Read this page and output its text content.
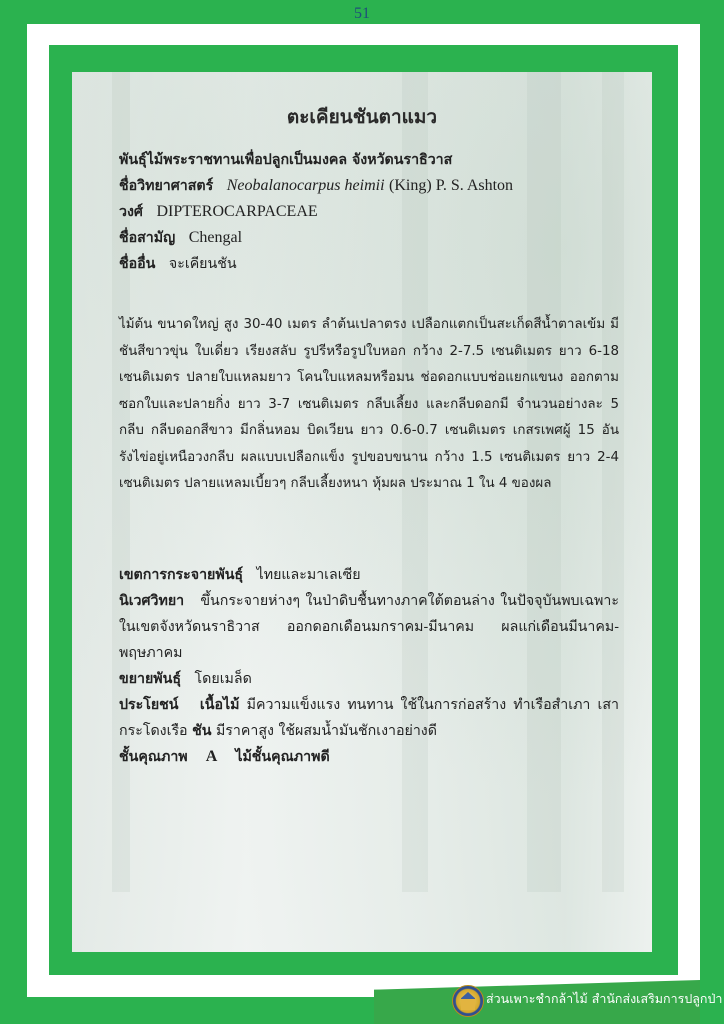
51
ตะเคียนชันตาแมว
พันธุ์ไม้พระราชทานเพื่อปลูกเป็นมงคล จังหวัดนราธิวาส
ชื่อวิทยาศาสตร์ Neobalanocarpus heimii (King) P. S. Ashton
วงศ์ DIPTEROCARPACEAE
ชื่อสามัญ Chengal
ชื่ออื่น จะเคียนชัน

ไม้ต้น ขนาดใหญ่ สูง 30-40 เมตร ลำต้นเปลาตรง เปลือกแตกเป็นสะเก็ดสีน้ำตาลเข้ม มีชันสีขาวขุ่น ใบเดี่ยว เรียงสลับ รูปรีหรือรูปใบหอก กว้าง 2-7.5 เซนติเมตร ยาว 6-18 เซนติเมตร ปลายใบแหลมยาว โคนใบแหลมหรือมน ช่อดอกแบบช่อแยกแขนง ออกตามซอกใบและปลายกิ่ง ยาว 3-7 เซนติเมตร กลีบเลี้ยง และกลีบดอกมี จำนวนอย่างละ 5 กลีบ กลีบดอกสีขาว มีกลิ่นหอม บิดเวียน ยาว 0.6-0.7 เซนติเมตร เกสรเพศผู้ 15 อัน รังไข่อยู่เหนือวงกลีบ ผลแบบเปลือกแข็ง รูปขอบขนาน กว้าง 1.5 เซนติเมตร ยาว 2-4 เซนติเมตร ปลายแหลมเบี้ยวๆ กลีบเลี้ยงหนา หุ้มผล ประมาณ 1 ใน 4 ของผล

เขตการกระจายพันธุ์ ไทยและมาเลเซีย

นิเวศวิทยา ขึ้นกระจายห่างๆ ในป่าดิบชื้นทางภาคใต้ตอนล่าง ในปัจจุบันพบเฉพาะในเขตจังหวัดนราธิวาส ออกดอกเดือนมกราคม-มีนาคม ผลแก่เดือนมีนาคม-พฤษภาคม

ขยายพันธุ์ โดยเมล็ด

ประโยชน์ เนื้อไม้ มีความแข็งแรง ทนทาน ใช้ในการก่อสร้าง ทำเรือสำเภา เสากระโดงเรือ ชัน มีราคาสูง ใช้ผสมน้ำมันชักเงาอย่างดี

ชั้นคุณภาพ A ไม้ชั้นคุณภาพดี

ส่วนเพาะชำกล้าไม้ สำนักส่งเสริมการปลูกป่า
